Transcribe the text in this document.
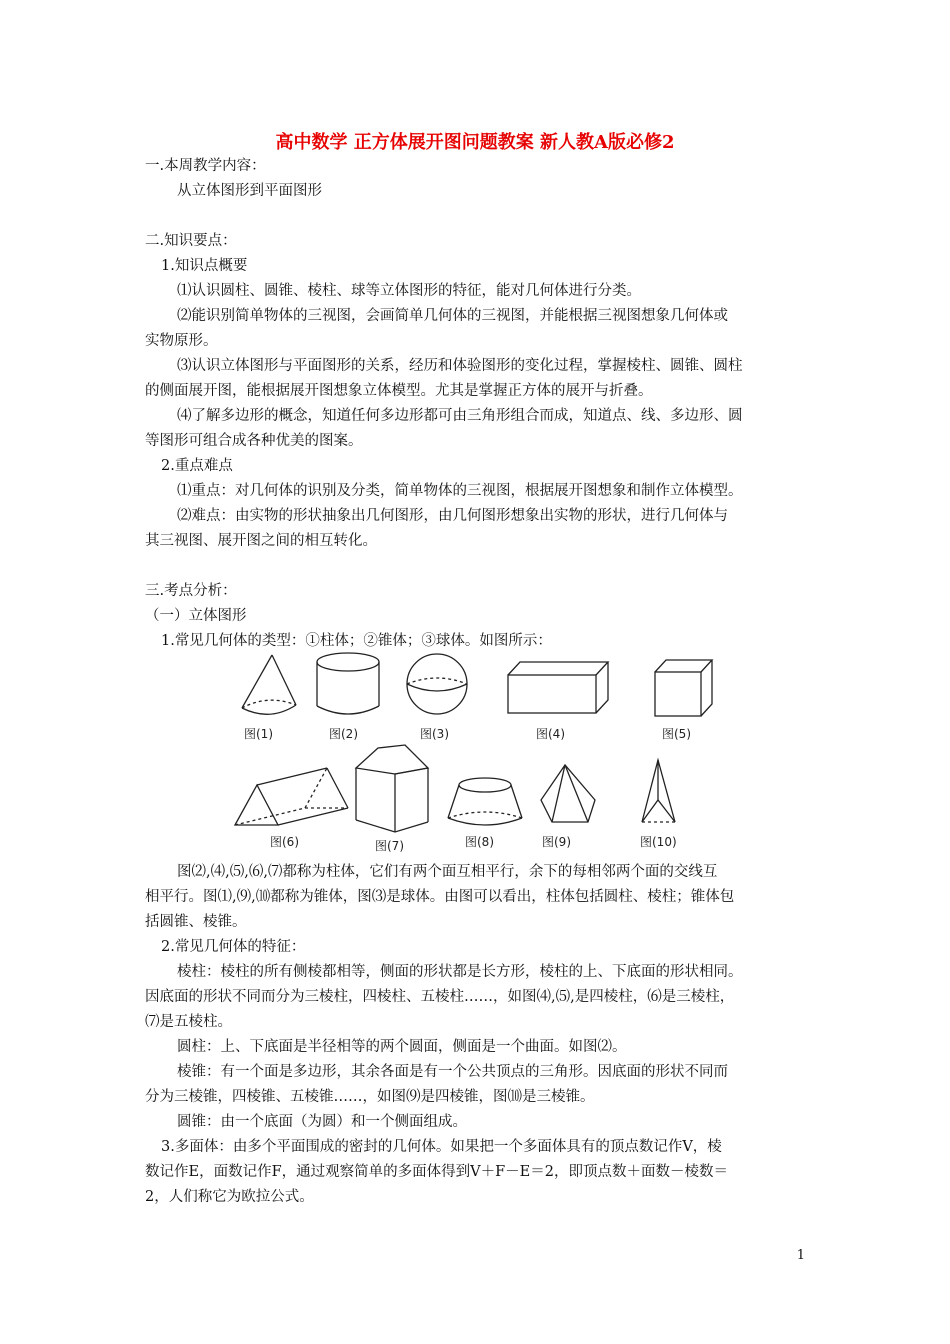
高中数学 正方体展开图问题教案 新人教A版必修2
一.本周教学内容：
从立体图形到平面图形
二.知识要点：
1.知识点概要
⑴认识圆柱、圆锥、棱柱、球等立体图形的特征，能对几何体进行分类。
⑵能识别简单物体的三视图，会画简单几何体的三视图，并能根据三视图想象几何体或
实物原形。
⑶认识立体图形与平面图形的关系，经历和体验图形的变化过程，掌握棱柱、圆锥、圆柱
的侧面展开图，能根据展开图想象立体模型。尤其是掌握正方体的展开与折叠。
⑷了解多边形的概念，知道任何多边形都可由三角形组合而成，知道点、线、多边形、圆
等图形可组合成各种优美的图案。
2.重点难点
⑴重点：对几何体的识别及分类，简单物体的三视图，根据展开图想象和制作立体模型。
⑵难点：由实物的形状抽象出几何图形，由几何图形想象出实物的形状，进行几何体与
其三视图、展开图之间的相互转化。
三.考点分析：
（一）立体图形
1.常见几何体的类型：①柱体；②锥体；③球体。如图所示：
图(1)	图(2)	图(3)	图(4)	图(5)
图(6)	图(7)	图(8)	图(9)	图(10)
图⑵,⑷,⑸,⑹,⑺都称为柱体，它们有两个面互相平行，余下的每相邻两个面的交线互
相平行。图⑴,⑼,⑽都称为锥体，图⑶是球体。由图可以看出，柱体包括圆柱、棱柱；锥体包
括圆锥、棱锥。
2.常见几何体的特征：
棱柱：棱柱的所有侧棱都相等，侧面的形状都是长方形，棱柱的上、下底面的形状相同。
因底面的形状不同而分为三棱柱，四棱柱、五棱柱……，如图⑷,⑸,是四棱柱，⑹是三棱柱，
⑺是五棱柱。
圆柱：上、下底面是半径相等的两个圆面，侧面是一个曲面。如图⑵。
棱锥：有一个面是多边形，其余各面是有一个公共顶点的三角形。因底面的形状不同而
分为三棱锥，四棱锥、五棱锥……，如图⑼是四棱锥，图⑽是三棱锥。
圆锥：由一个底面（为圆）和一个侧面组成。
3.多面体：由多个平面围成的密封的几何体。如果把一个多面体具有的顶点数记作V，棱
数记作E，面数记作F，通过观察简单的多面体得到V＋F－E＝2，即顶点数＋面数－棱数＝
2，人们称它为欧拉公式。
1
